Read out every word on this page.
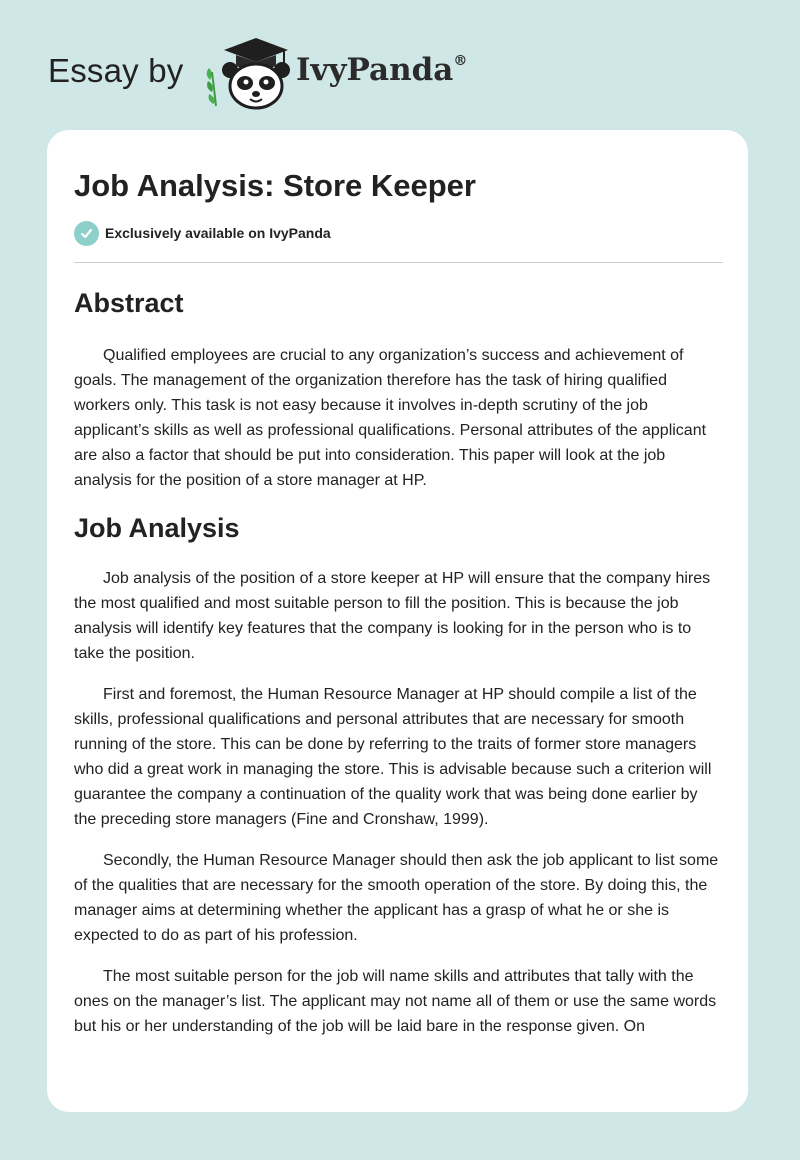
Essay by	IvyPanda®
Job Analysis: Store Keeper
Exclusively available on IvyPanda
Abstract

Qualified employees are crucial to any organization’s success and achievement of goals. The management of the organization therefore has the task of hiring qualified workers only. This task is not easy because it involves in-depth scrutiny of the job applicant’s skills as well as professional qualifications. Personal attributes of the applicant are also a factor that should be put into consideration. This paper will look at the job analysis for the position of a store manager at HP.

Job Analysis

Job analysis of the position of a store keeper at HP will ensure that the company hires the most qualified and most suitable person to fill the position. This is because the job analysis will identify key features that the company is looking for in the person who is to take the position.

First and foremost, the Human Resource Manager at HP should compile a list of the skills, professional qualifications and personal attributes that are necessary for smooth running of the store. This can be done by referring to the traits of former store managers who did a great work in managing the store. This is advisable because such a criterion will guarantee the company a continuation of the quality work that was being done earlier by the preceding store managers (Fine and Cronshaw, 1999).

Secondly, the Human Resource Manager should then ask the job applicant to list some of the qualities that are necessary for the smooth operation of the store. By doing this, the manager aims at determining whether the applicant has a grasp of what he or she is expected to do as part of his profession.

The most suitable person for the job will name skills and attributes that tally with the ones on the manager’s list. The applicant may not name all of them or use the same words but his or her understanding of the job will be laid bare in the response given. On
